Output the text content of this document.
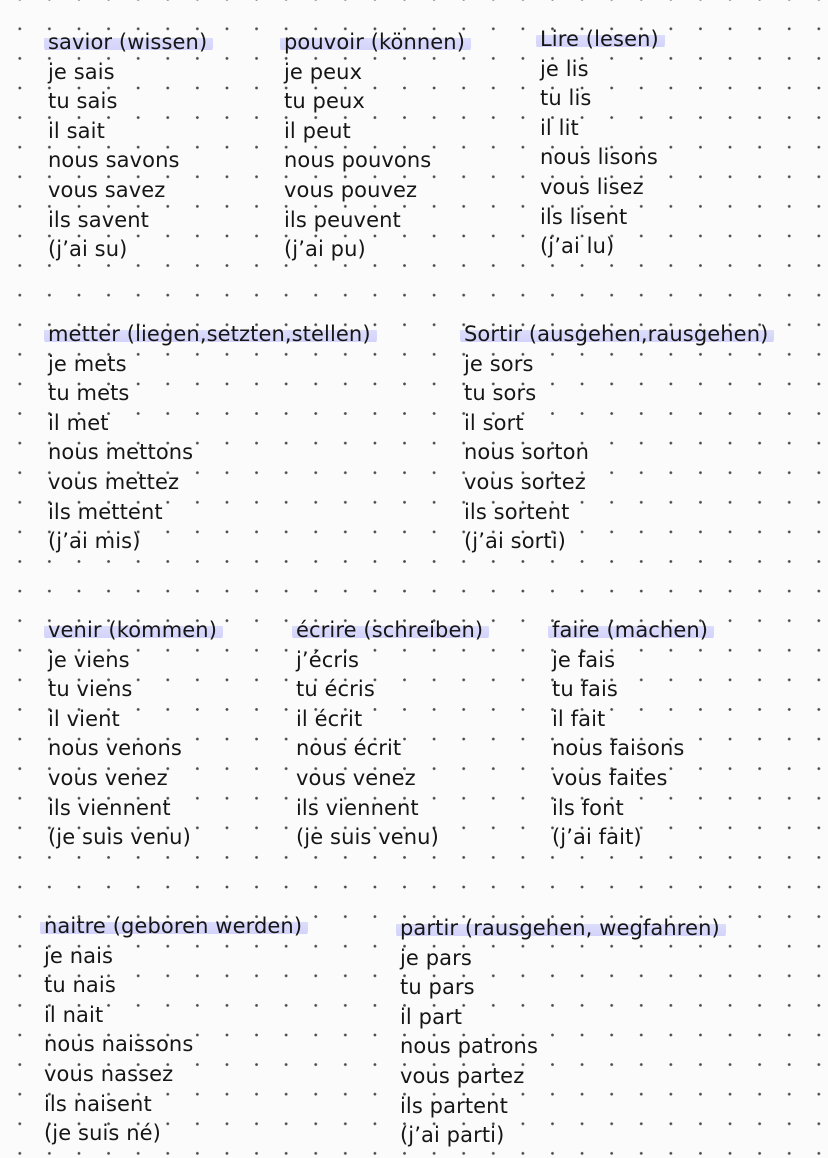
savior (wissen)
je sais
tu sais
il sait
nous savons
vous savez
ils savent
(j’ai su)
pouvoir (können)
je peux
tu peux
il peut
nous pouvons
vous pouvez
ils peuvent
(j’ai pu)
Lire (lesen)
je lis
tu lis
il lit
nous lisons
vous lisez
ils lisent
(j’ai lu)
metter (liegen,setzten,stellen)
je mets
tu mets
il met
nous mettons
vous mettez
ils mettent
(j’ai mis)
Sortir (ausgehen,rausgehen)
je sors
tu sors
il sort
nous sorton
vous sortez
ils sortent
(j’ai sorti)
venir (kommen)
je viens
tu viens
il vient
nous venons
vous venez
ils viennent
(je suis venu)
écrire (schreiben)
j’écris
tu écris
il écrit
nous écrit
vous venez
ils viennent
(je suis venu)
faire (machen)
je fais
tu fais
il fait
nous faisons
vous faites
ils font
(j’ai fait)
naitre (geboren werden)
je nais
tu nais
il nait
nous naissons
vous nassez
ils naisent
(je suis né)
partir (rausgehen, wegfahren)
je pars
tu pars
il part
nous patrons
vous partez
ils partent
(j’ai parti)
